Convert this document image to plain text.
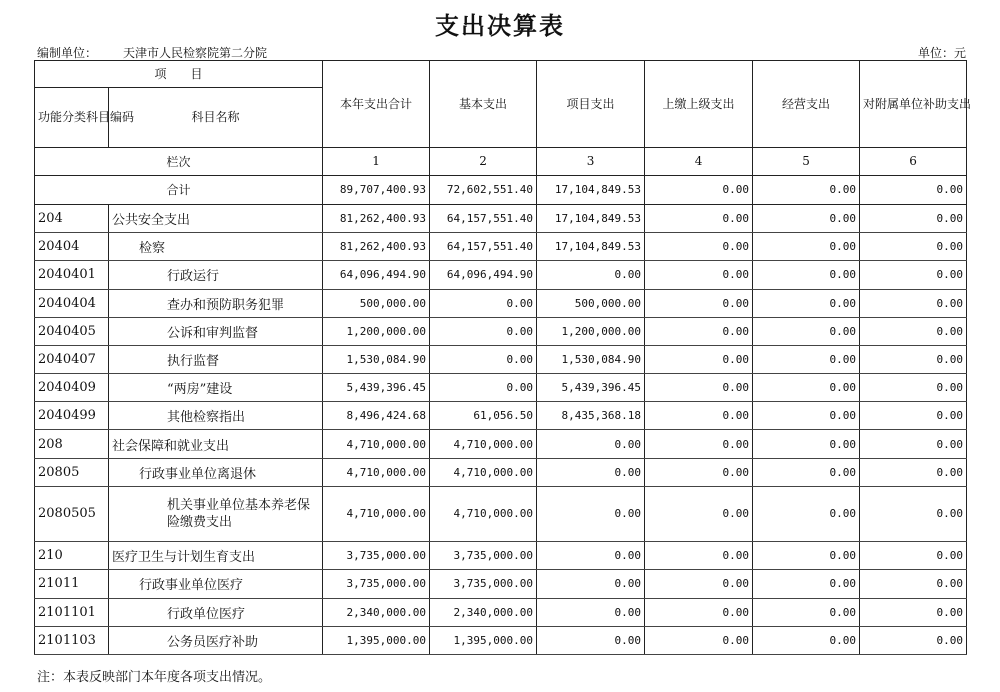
支出决算表
编制单位： 天津市人民检察院第二分院	单位：元
项　　目		本年支出合计	基本支出	项目支出	上缴上级支出	经营支出	对附属单位补助支出
功能分类科目编码	科目名称						
栏次		1	2	3	4	5	6
合计		89,707,400.93	72,602,551.40	17,104,849.53	0.00	0.00	0.00
204	公共安全支出	81,262,400.93	64,157,551.40	17,104,849.53	0.00	0.00	0.00
20404	检察	81,262,400.93	64,157,551.40	17,104,849.53	0.00	0.00	0.00
2040401	行政运行	64,096,494.90	64,096,494.90	0.00	0.00	0.00	0.00
2040404	查办和预防职务犯罪	500,000.00	0.00	500,000.00	0.00	0.00	0.00
2040405	公诉和审判监督	1,200,000.00	0.00	1,200,000.00	0.00	0.00	0.00
2040407	执行监督	1,530,084.90	0.00	1,530,084.90	0.00	0.00	0.00
2040409	“两房”建设	5,439,396.45	0.00	5,439,396.45	0.00	0.00	0.00
2040499	其他检察指出	8,496,424.68	61,056.50	8,435,368.18	0.00	0.00	0.00
208	社会保障和就业支出	4,710,000.00	4,710,000.00	0.00	0.00	0.00	0.00
20805	行政事业单位离退休	4,710,000.00	4,710,000.00	0.00	0.00	0.00	0.00
2080505	机关事业单位基本养老保险缴费支出	4,710,000.00	4,710,000.00	0.00	0.00	0.00	0.00
210	医疗卫生与计划生育支出	3,735,000.00	3,735,000.00	0.00	0.00	0.00	0.00
21011	行政事业单位医疗	3,735,000.00	3,735,000.00	0.00	0.00	0.00	0.00
2101101	行政单位医疗	2,340,000.00	2,340,000.00	0.00	0.00	0.00	0.00
2101103	公务员医疗补助	1,395,000.00	1,395,000.00	0.00	0.00	0.00	0.00
注：本表反映部门本年度各项支出情况。
